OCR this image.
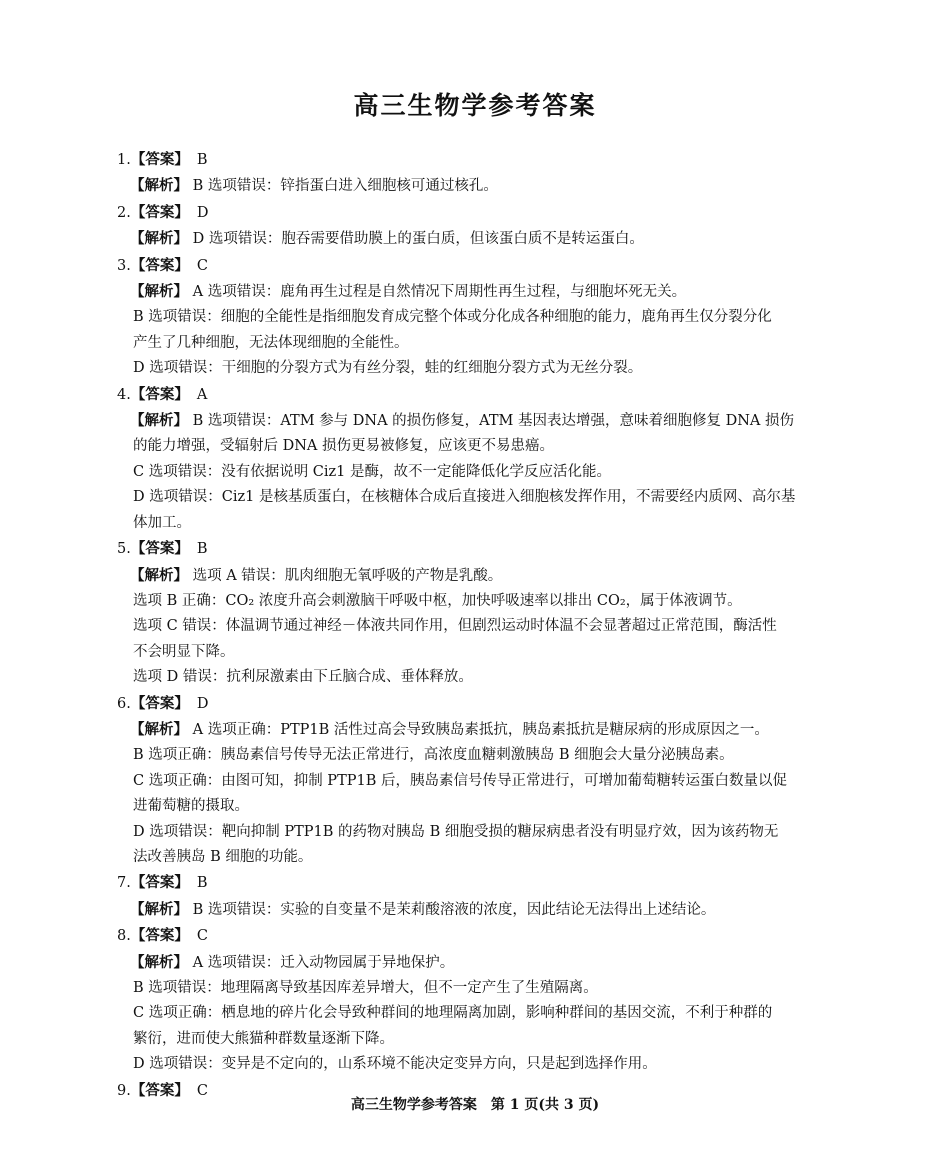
高三生物学参考答案
1.【答案】 B
【解析】 B 选项错误：锌指蛋白进入细胞核可通过核孔。
2.【答案】 D
【解析】 D 选项错误：胞吞需要借助膜上的蛋白质，但该蛋白质不是转运蛋白。
3.【答案】 C
【解析】 A 选项错误：鹿角再生过程是自然情况下周期性再生过程，与细胞坏死无关。
B 选项错误：细胞的全能性是指细胞发育成完整个体或分化成各种细胞的能力，鹿角再生仅分裂分化
产生了几种细胞，无法体现细胞的全能性。
D 选项错误：干细胞的分裂方式为有丝分裂，蛙的红细胞分裂方式为无丝分裂。
4.【答案】 A
【解析】 B 选项错误：ATM 参与 DNA 的损伤修复，ATM 基因表达增强，意味着细胞修复 DNA 损伤
的能力增强，受辐射后 DNA 损伤更易被修复，应该更不易患癌。
C 选项错误：没有依据说明 Ciz1 是酶，故不一定能降低化学反应活化能。
D 选项错误：Ciz1 是核基质蛋白，在核糖体合成后直接进入细胞核发挥作用，不需要经内质网、高尔基
体加工。
5.【答案】 B
【解析】 选项 A 错误：肌肉细胞无氧呼吸的产物是乳酸。
选项 B 正确：CO₂ 浓度升高会刺激脑干呼吸中枢，加快呼吸速率以排出 CO₂，属于体液调节。
选项 C 错误：体温调节通过神经－体液共同作用，但剧烈运动时体温不会显著超过正常范围，酶活性
不会明显下降。
选项 D 错误：抗利尿激素由下丘脑合成、垂体释放。
6.【答案】 D
【解析】 A 选项正确：PTP1B 活性过高会导致胰岛素抵抗，胰岛素抵抗是糖尿病的形成原因之一。
B 选项正确：胰岛素信号传导无法正常进行，高浓度血糖刺激胰岛 B 细胞会大量分泌胰岛素。
C 选项正确：由图可知，抑制 PTP1B 后，胰岛素信号传导正常进行，可增加葡萄糖转运蛋白数量以促
进葡萄糖的摄取。
D 选项错误：靶向抑制 PTP1B 的药物对胰岛 B 细胞受损的糖尿病患者没有明显疗效，因为该药物无
法改善胰岛 B 细胞的功能。
7.【答案】 B
【解析】 B 选项错误：实验的自变量不是茉莉酸溶液的浓度，因此结论无法得出上述结论。
8.【答案】 C
【解析】 A 选项错误：迁入动物园属于异地保护。
B 选项错误：地理隔离导致基因库差异增大，但不一定产生了生殖隔离。
C 选项正确：栖息地的碎片化会导致种群间的地理隔离加剧，影响种群间的基因交流，不利于种群的
繁衍，进而使大熊猫种群数量逐渐下降。
D 选项错误：变异是不定向的，山系环境不能决定变异方向，只是起到选择作用。
9.【答案】 C
高三生物学参考答案　第 1 页(共 3 页)
